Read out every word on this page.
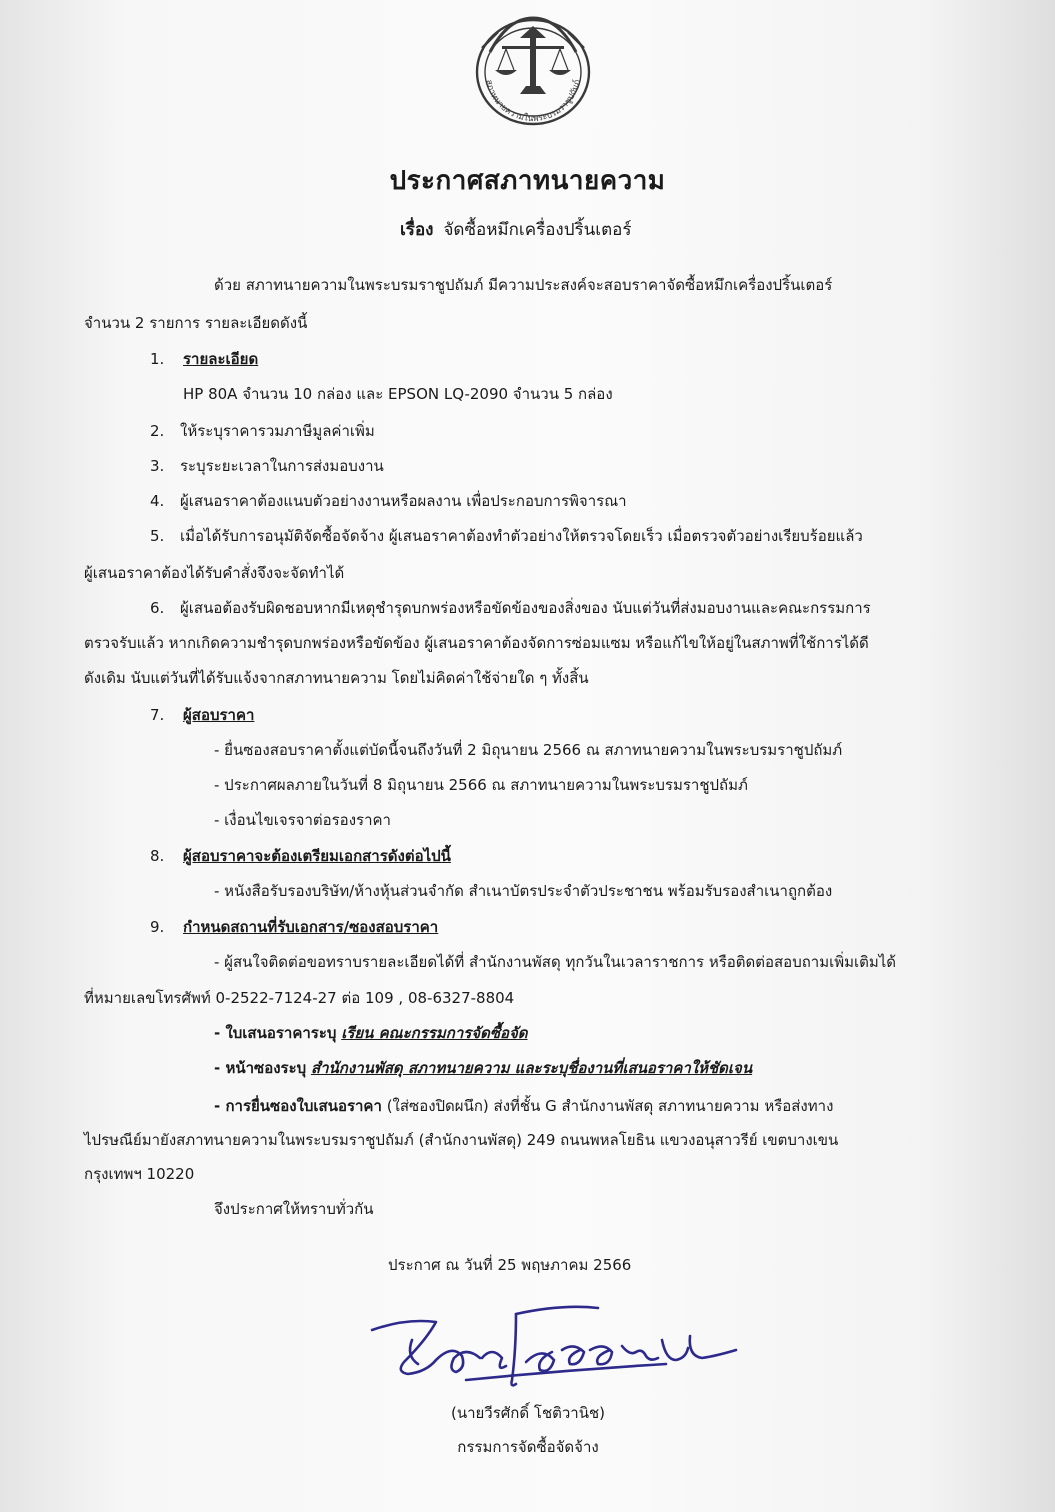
สภาทนายความในพระบรมราชูปถัมภ์
ประกาศสภาทนายความ
เรื่อง จัดซื้อหมึกเครื่องปริ้นเตอร์
ด้วย สภาทนายความในพระบรมราชูปถัมภ์ มีความประสงค์จะสอบราคาจัดซื้อหมึกเครื่องปริ้นเตอร์
จำนวน 2 รายการ รายละเอียดดังนี้
1. รายละเอียด
HP 80A จำนวน 10 กล่อง และ EPSON LQ-2090 จำนวน 5 กล่อง
2. ให้ระบุราคารวมภาษีมูลค่าเพิ่ม
3. ระบุระยะเวลาในการส่งมอบงาน
4. ผู้เสนอราคาต้องแนบตัวอย่างงานหรือผลงาน เพื่อประกอบการพิจารณา
5. เมื่อได้รับการอนุมัติจัดซื้อจัดจ้าง ผู้เสนอราคาต้องทำตัวอย่างให้ตรวจโดยเร็ว เมื่อตรวจตัวอย่างเรียบร้อยแล้ว
ผู้เสนอราคาต้องได้รับคำสั่งจึงจะจัดทำได้
6. ผู้เสนอต้องรับผิดชอบหากมีเหตุชำรุดบกพร่องหรือขัดข้องของสิ่งของ นับแต่วันที่ส่งมอบงานและคณะกรรมการ
ตรวจรับแล้ว หากเกิดความชำรุดบกพร่องหรือขัดข้อง ผู้เสนอราคาต้องจัดการซ่อมแซม หรือแก้ไขให้อยู่ในสภาพที่ใช้การได้ดี
ดังเดิม นับแต่วันที่ได้รับแจ้งจากสภาทนายความ โดยไม่คิดค่าใช้จ่ายใด ๆ ทั้งสิ้น
7. ผู้สอบราคา
- ยื่นซองสอบราคาตั้งแต่บัดนี้จนถึงวันที่ 2 มิถุนายน 2566 ณ สภาทนายความในพระบรมราชูปถัมภ์
- ประกาศผลภายในวันที่ 8 มิถุนายน 2566 ณ สภาทนายความในพระบรมราชูปถัมภ์
- เงื่อนไขเจรจาต่อรองราคา
8. ผู้สอบราคาจะต้องเตรียมเอกสารดังต่อไปนี้
- หนังสือรับรองบริษัท/ห้างหุ้นส่วนจำกัด สำเนาบัตรประจำตัวประชาชน พร้อมรับรองสำเนาถูกต้อง
9. กำหนดสถานที่รับเอกสาร/ซองสอบราคา
- ผู้สนใจติดต่อขอทราบรายละเอียดได้ที่ สำนักงานพัสดุ ทุกวันในเวลาราชการ หรือติดต่อสอบถามเพิ่มเติมได้
ที่หมายเลขโทรศัพท์ 0-2522-7124-27 ต่อ 109 , 08-6327-8804
- ใบเสนอราคาระบุ เรียน คณะกรรมการจัดซื้อจัด
- หน้าซองระบุ สำนักงานพัสดุ สภาทนายความ และระบุชื่องานที่เสนอราคาให้ชัดเจน
- การยื่นซองใบเสนอราคา (ใส่ซองปิดผนึก) ส่งที่ชั้น G สำนักงานพัสดุ สภาทนายความ หรือส่งทาง
ไปรษณีย์มายังสภาทนายความในพระบรมราชูปถัมภ์ (สำนักงานพัสดุ) 249 ถนนพหลโยธิน แขวงอนุสาวรีย์ เขตบางเขน
กรุงเทพฯ 10220
จึงประกาศให้ทราบทั่วกัน
ประกาศ ณ วันที่ 25 พฤษภาคม 2566
(นายวีรศักดิ์ โชติวานิช)
กรรมการจัดซื้อจัดจ้าง
